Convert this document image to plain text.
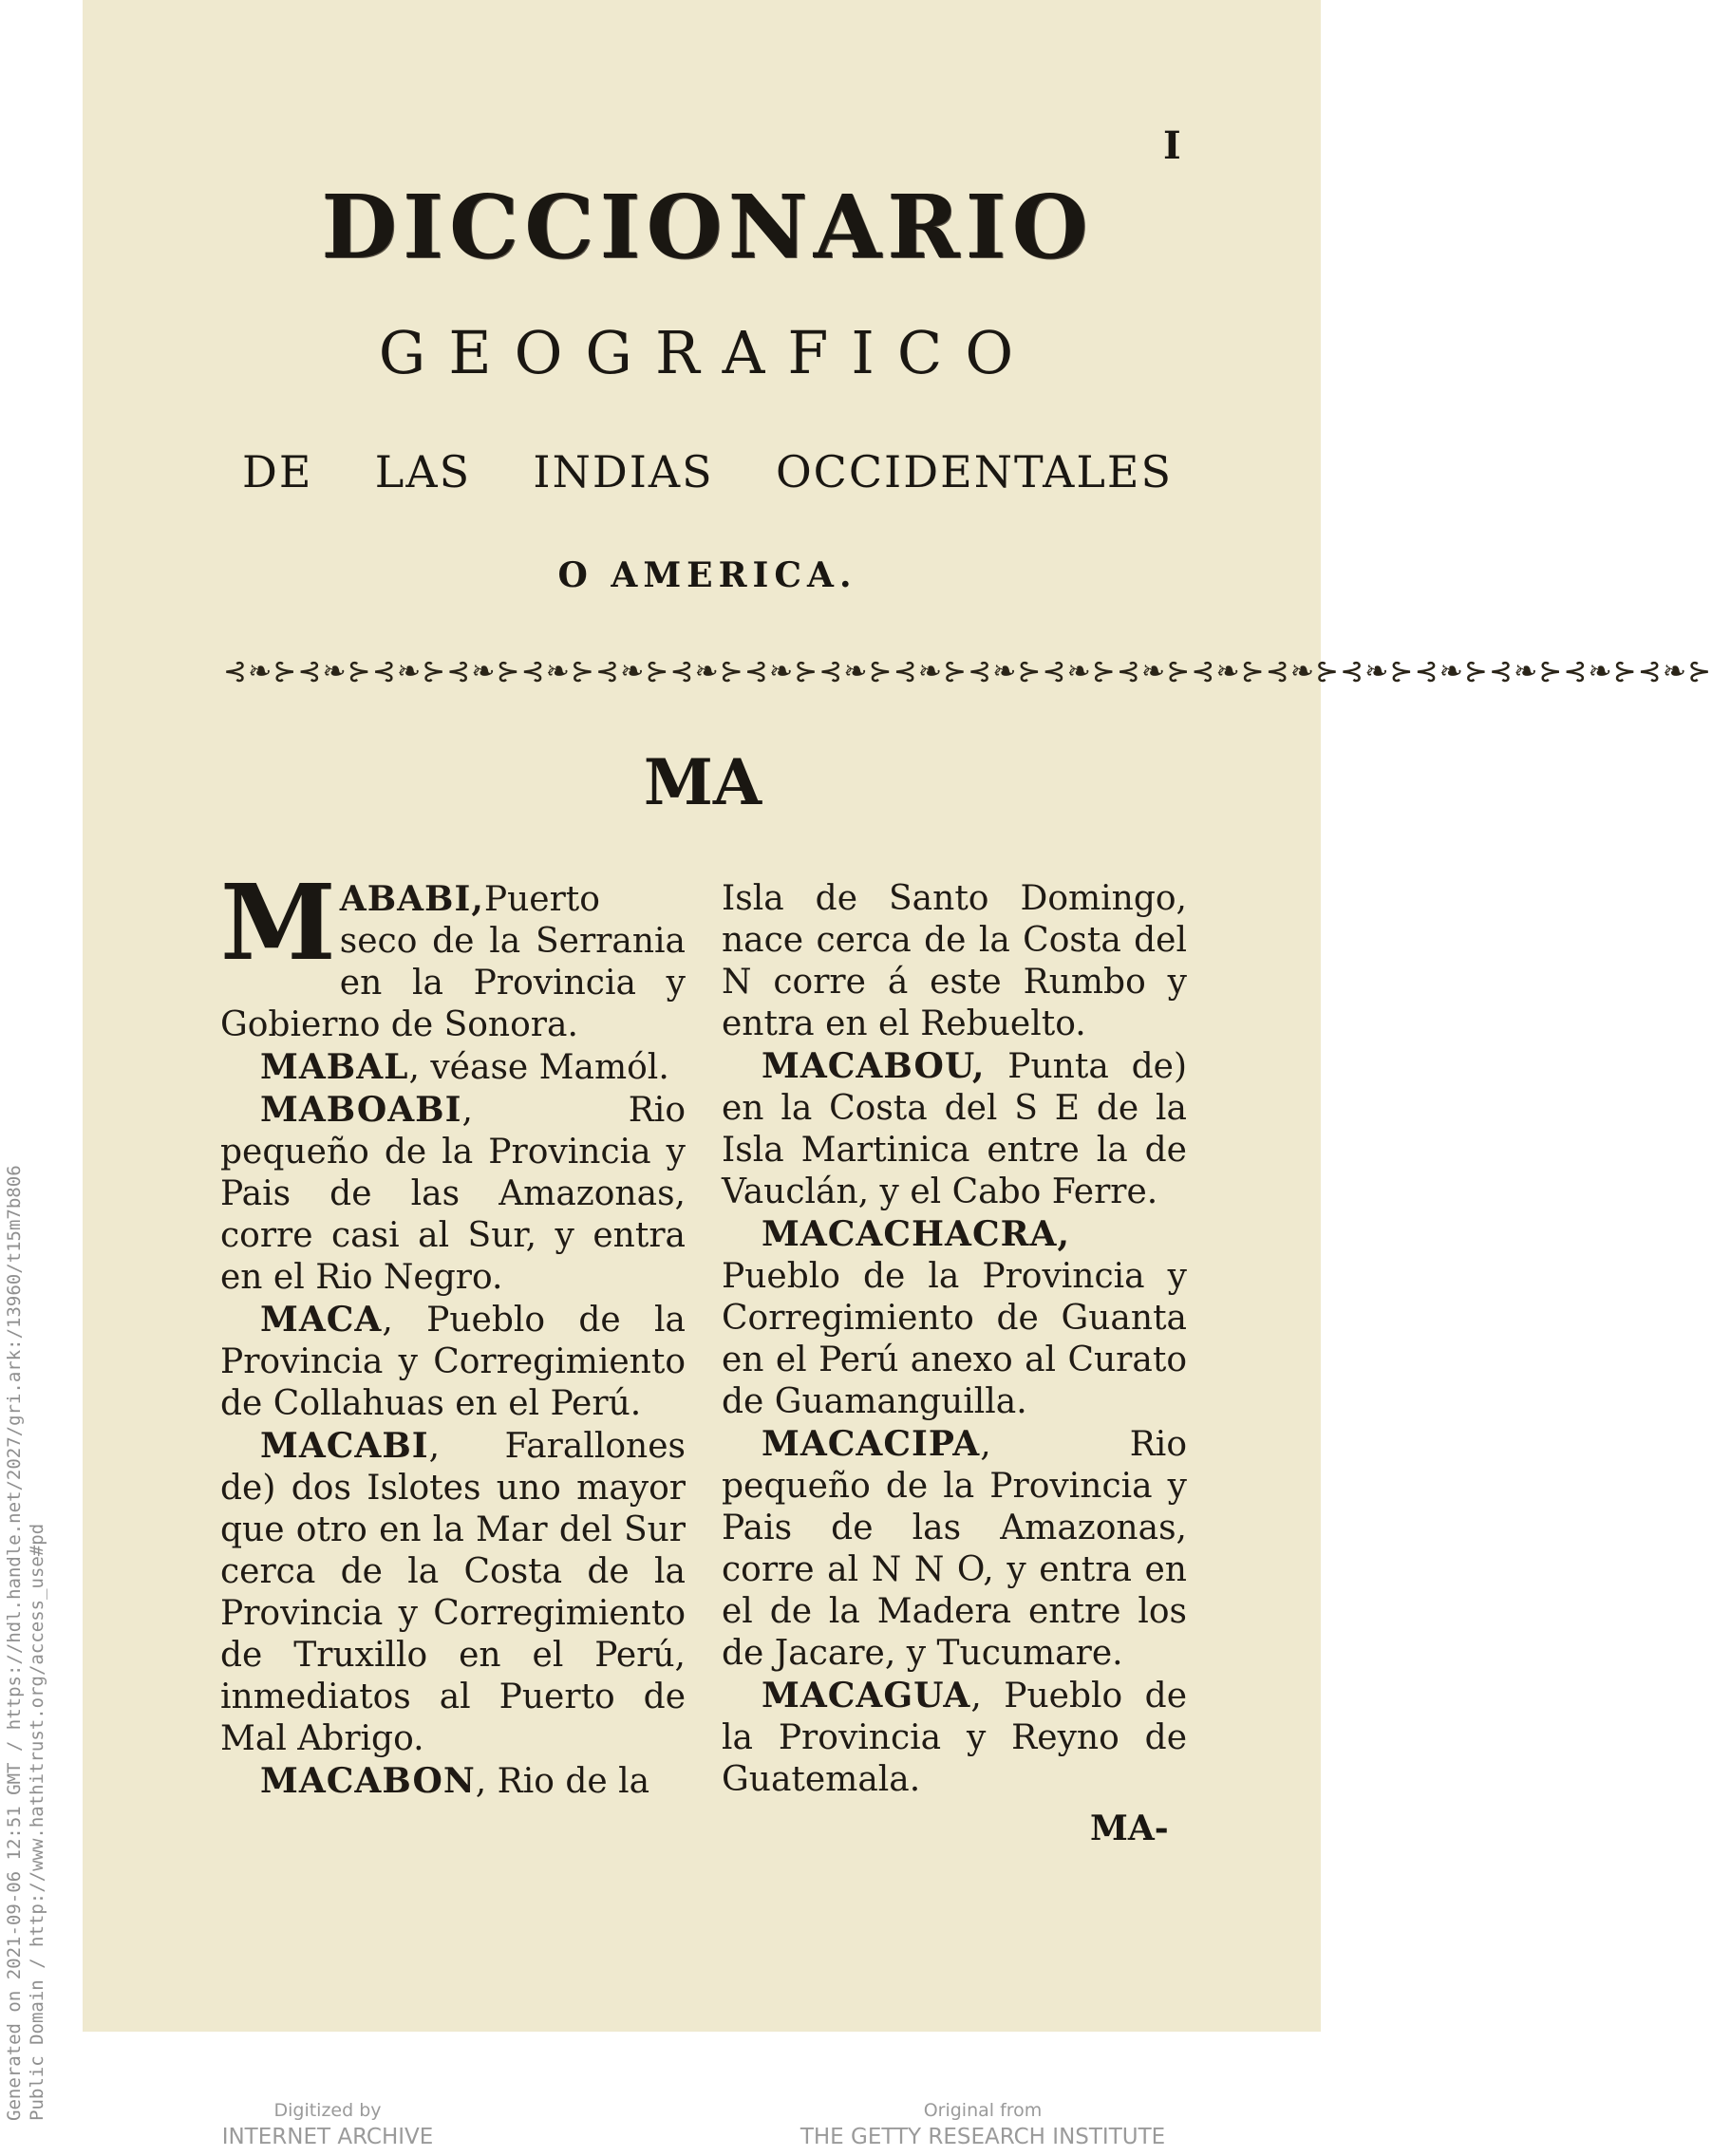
Generated on 2021-09-06 12:51 GMT / https://hdl.handle.net/2027/gri.ark:/13960/t15m7b806 Public Domain / http://www.hathitrust.org/access_use#pd
I
DICCIONARIO
GEOGRAFICO
DE LAS INDIAS OCCIDENTALES
O AMERICA.
⊰❧⊱⊰❧⊱⊰❧⊱⊰❧⊱⊰❧⊱⊰❧⊱⊰❧⊱⊰❧⊱⊰❧⊱⊰❧⊱⊰❧⊱⊰❧⊱⊰❧⊱⊰❧⊱⊰❧⊱⊰❧⊱⊰❧⊱⊰❧⊱⊰❧⊱⊰❧⊱
MA

MABABI,Puerto seco de la Serrania en la Provincia y Gobierno de Sonora.

MABAL, véase Mamól.

MABOABI, Rio pequeño de la Provincia y Pais de las Amazonas, corre casi al Sur, y entra en el Rio Negro.

MACA, Pueblo de la Provincia y Corregimiento de Collahuas en el Perú.

MACABI, Farallones de) dos Islotes uno mayor que otro en la Mar del Sur cerca de la Costa de la Provincia y Corregimiento de Truxillo en el Perú, inmediatos al Puerto de Mal Abrigo.

MACABON, Rio de la

Isla de Santo Domingo, nace cerca de la Costa del N corre á este Rumbo y entra en el Rebuelto.

MACABOU, Punta de) en la Costa del S E de la Isla Martinica entre la de Vauclán, y el Cabo Ferre.

MACACHACRA, Pueblo de la Provincia y Corregimiento de Guanta en el Perú anexo al Curato de Guamanguilla.

MACACIPA, Rio pequeño de la Provincia y Pais de las Amazonas, corre al N N O, y entra en el de la Madera entre los de Jacare, y Tucumare.

MACAGUA, Pueblo de la Provincia y Reyno de Guatemala.

MA-
Digitized by
INTERNET ARCHIVE
Original from
THE GETTY RESEARCH INSTITUTE
